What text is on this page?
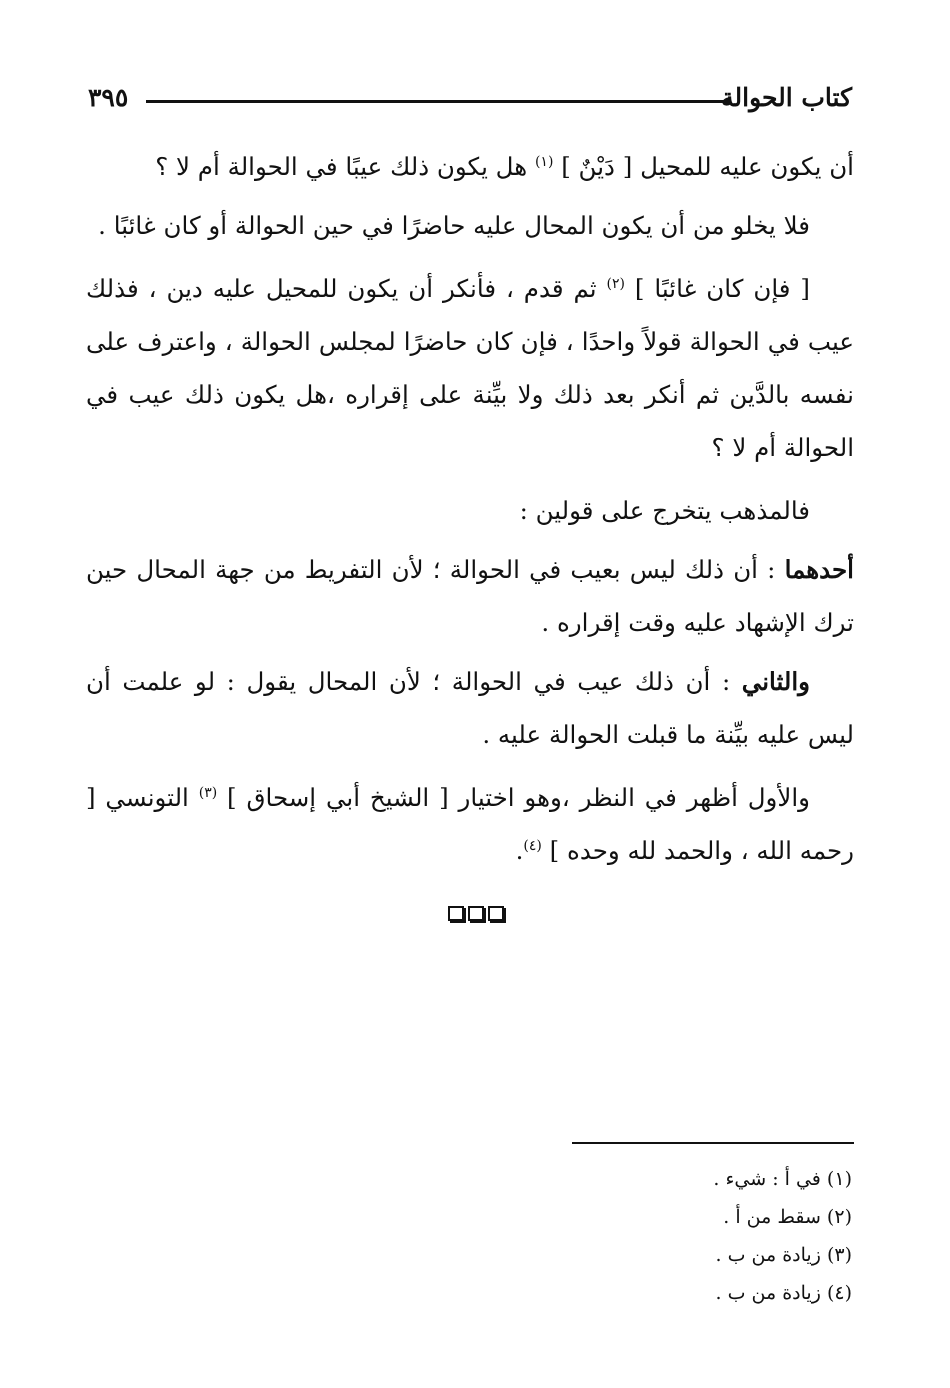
كتاب الحوالة
٣٩٥

أن يكون عليه للمحيل [ دَيْنٌ ] $^{(١)}$ هل يكون ذلك عيبًا في الحوالة أم لا ؟

فلا يخلو من أن يكون المحال عليه حاضرًا في حين الحوالة أو كان غائبًا .

[ فإن كان غائبًا ] $^{(٢)}$ ثم قدم ، فأنكر أن يكون للمحيل عليه دين ، فذلك عيب في الحوالة قولاً واحدًا ، فإن كان حاضرًا لمجلس الحوالة ، واعترف على نفسه بالدَّين ثم أنكر بعد ذلك ولا بيِّنة على إقراره ،هل يكون ذلك عيب في الحوالة أم لا ؟

فالمذهب يتخرج على قولين :

أحدهما : أن ذلك ليس بعيب في الحوالة ؛ لأن التفريط من جهة المحال حين ترك الإشهاد عليه وقت إقراره .

والثاني : أن ذلك عيب في الحوالة ؛ لأن المحال يقول : لو علمت أن ليس عليه بيِّنة ما قبلت الحوالة عليه .

والأول أظهر في النظر ،وهو اختيار [ الشيخ أبي إسحاق ] $^{(٣)}$ التونسي [ رحمه الله ، والحمد لله وحده ] $^{(٤)}$.

(١) في أ : شيء .
(٢) سقط من أ .
(٣) زيادة من ب .
(٤) زيادة من ب .
